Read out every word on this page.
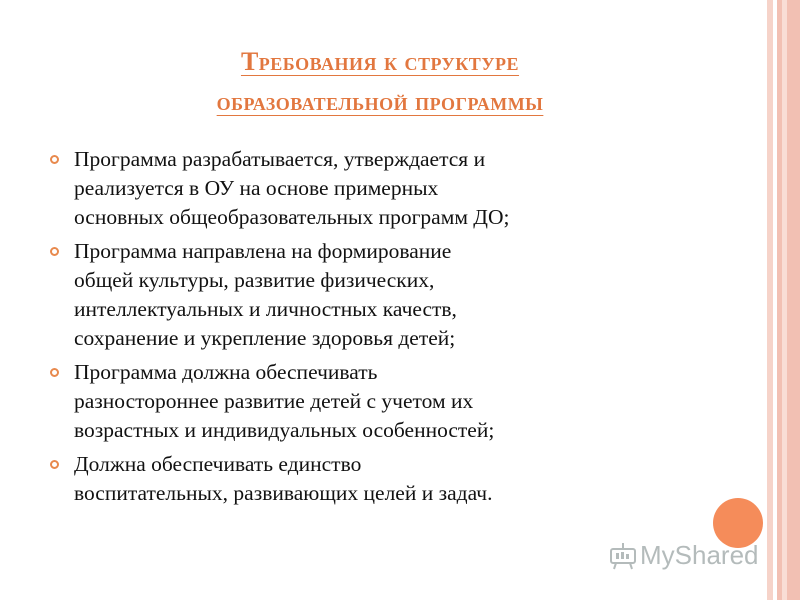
Требования к структуре
образовательной программы
Программа разрабатывается, утверждается и
реализуется в ОУ на основе примерных
основных общеобразовательных программ ДО;
Программа направлена на формирование
общей культуры, развитие физических,
интеллектуальных и личностных качеств,
сохранение и укрепление здоровья детей;
Программа должна обеспечивать
разностороннее развитие детей с учетом их
возрастных и индивидуальных особенностей;
Должна обеспечивать единство
воспитательных, развивающих целей и задач.
MyShared
